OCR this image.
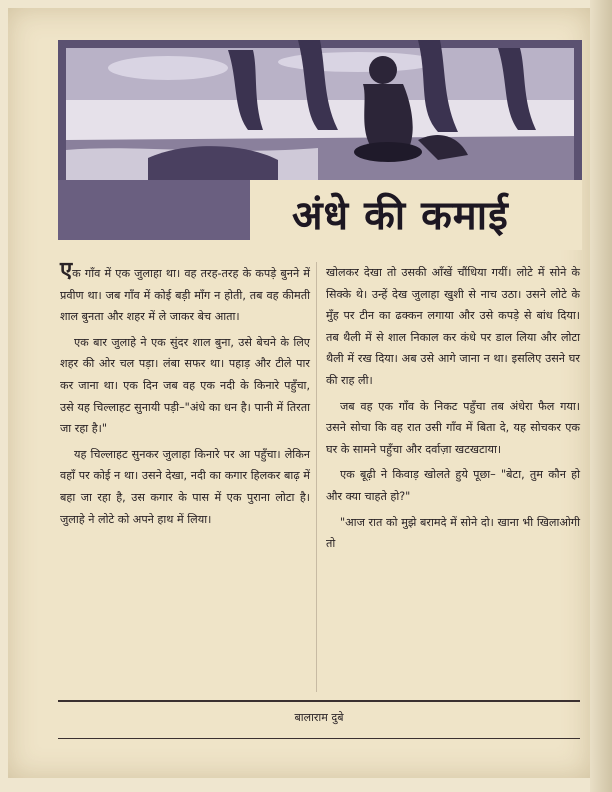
अंधे की कमाई

एक गाँव में एक जुलाहा था। वह तरह-तरह के कपड़े बुनने में प्रवीण था। जब गाँव में कोई बड़ी माँग न होती, तब वह कीमती शाल बुनता और शहर में ले जाकर बेच आता।

एक बार जुलाहे ने एक सुंदर शाल बुना, उसे बेचने के लिए शहर की ओर चल पड़ा। लंबा सफर था। पहाड़ और टीले पार कर जाना था। एक दिन जब वह एक नदी के किनारे पहुँचा, उसे यह चिल्लाहट सुनायी पड़ी–"अंधे का धन है। पानी में तिरता जा रहा है।"

यह चिल्लाहट सुनकर जुलाहा किनारे पर आ पहुँचा। लेकिन वहाँ पर कोई न था। उसने देखा, नदी का कगार हिलकर बाढ़ में बहा जा रहा है, उस कगार के पास में एक पुराना लोटा है। जुलाहे ने लोटे को अपने हाथ में लिया।

खोलकर देखा तो उसकी आँखें चौंधिया गयीं। लोटे में सोने के सिक्के थे। उन्हें देख जुलाहा खुशी से नाच उठा। उसने लोटे के मुँह पर टीन का ढक्कन लगाया और उसे कपड़े से बांध दिया। तब थैली में से शाल निकाल कर कंधे पर डाल लिया और लोटा थैली में रख दिया। अब उसे आगे जाना न था। इसलिए उसने घर की राह ली।

जब वह एक गाँव के निकट पहुँचा तब अंधेरा फैल गया। उसने सोचा कि वह रात उसी गाँव में बिता दे, यह सोचकर एक घर के सामने पहुँचा और दर्वाज़ा खटखटाया।

एक बूढ़ी ने किवाड़ खोलते हुये पूछा– "बेटा, तुम कौन हो और क्या चाहते हो?"

"आज रात को मुझे बरामदे में सोने दो। खाना भी खिलाओगी तो

बालाराम दुबे
